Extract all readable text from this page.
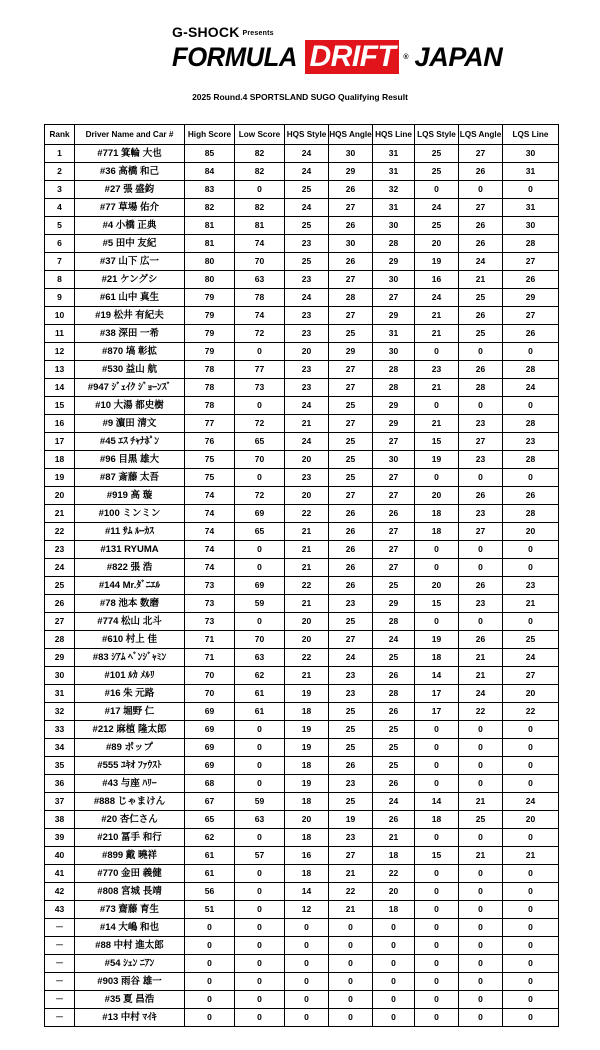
G-SHOCK Presents
FORMULA DRIFT	® JAPAN
2025 Round.4 SPORTSLAND SUGO Qualifying Result
Rank	Driver Name and Car #	High Score	Low Score	HQS Style	HQS Angle	HQS Line	LQS Style	LQS Angle	LQS Line
1	#771 箕輪 大也	85	82	24	30	31	25	27	30
2	#36 高橋 和己	84	82	24	29	31	25	26	31
3	#27 張 盛鈞	83	0	25	26	32	0	0	0
4	#77 草場 佑介	82	82	24	27	31	24	27	31
5	#4 小橋 正典	81	81	25	26	30	25	26	30
6	#5 田中 友紀	81	74	23	30	28	20	26	28
7	#37 山下 広一	80	70	25	26	29	19	24	27
8	#21 ケングシ	80	63	23	27	30	16	21	26
9	#61 山中 真生	79	78	24	28	27	24	25	29
10	#19 松井 有紀夫	79	74	23	27	29	21	26	27
11	#38 深田 一希	79	72	23	25	31	21	25	26
12	#870 塙 彰拡	79	0	20	29	30	0	0	0
13	#530 益山 航	78	77	23	27	28	23	26	28
14	#947 ｼﾞｪｲｸ ｼﾞｮｰﾝｽﾞ	78	73	23	27	28	21	28	24
15	#10 大湯 都史樹	78	0	24	25	29	0	0	0
16	#9 濵田 清文	77	72	21	27	29	21	23	28
17	#45 ｴｽ ﾁｬﾅﾎﾟﾝ	76	65	24	25	27	15	27	23
18	#96 目黒 雄大	75	70	20	25	30	19	23	28
19	#87 斎藤 太吾	75	0	23	25	27	0	0	0
20	#919 高 璇	74	72	20	27	27	20	26	26
21	#100 ミンミン	74	69	22	26	26	18	23	28
22	#11 ｻﾑ ﾙｰｶｽ	74	65	21	26	27	18	27	20
23	#131 RYUMA	74	0	21	26	27	0	0	0
24	#822 張 浩	74	0	21	26	27	0	0	0
25	#144 Mr.ﾀﾞﾆｴﾙ	73	69	22	26	25	20	26	23
26	#78 池本 数磨	73	59	21	23	29	15	23	21
27	#774 松山 北斗	73	0	20	25	28	0	0	0
28	#610 村上 佳	71	70	20	27	24	19	26	25
29	#83 ｼｱﾑ ﾍﾞﾝｼﾞｬﾐﾝ	71	63	22	24	25	18	21	24
30	#101 ﾙｶ ﾒﾙﾘ	70	62	21	23	26	14	21	27
31	#16 朱 元路	70	61	19	23	28	17	24	20
32	#17 堀野 仁	69	61	18	25	26	17	22	22
33	#212 麻植 隆太郎	69	0	19	25	25	0	0	0
34	#89 ポップ	69	0	19	25	25	0	0	0
35	#555 ﾕｷｵ ﾌｧｳｽﾄ	69	0	18	26	25	0	0	0
36	#43 与座 ﾊﾘｰ	68	0	19	23	26	0	0	0
37	#888 じゃまけん	67	59	18	25	24	14	21	24
38	#20 杏仁さん	65	63	20	19	26	18	25	20
39	#210 冨手 和行	62	0	18	23	21	0	0	0
40	#899 戴 曉祥	61	57	16	27	18	15	21	21
41	#770 金田 義健	61	0	18	21	22	0	0	0
42	#808 宮城 長靖	56	0	14	22	20	0	0	0
43	#73 齋藤 育生	51	0	12	21	18	0	0	0
－	#14 大嶋 和也	0	0	0	0	0	0	0	0
－	#88 中村 進太郎	0	0	0	0	0	0	0	0
－	#54 ｼｪﾝ ﾆｱﾝ	0	0	0	0	0	0	0	0
－	#903 雨谷 雄一	0	0	0	0	0	0	0	0
－	#35 夏 昌浩	0	0	0	0	0	0	0	0
－	#13 中村 ﾏｲｷ	0	0	0	0	0	0	0	0
